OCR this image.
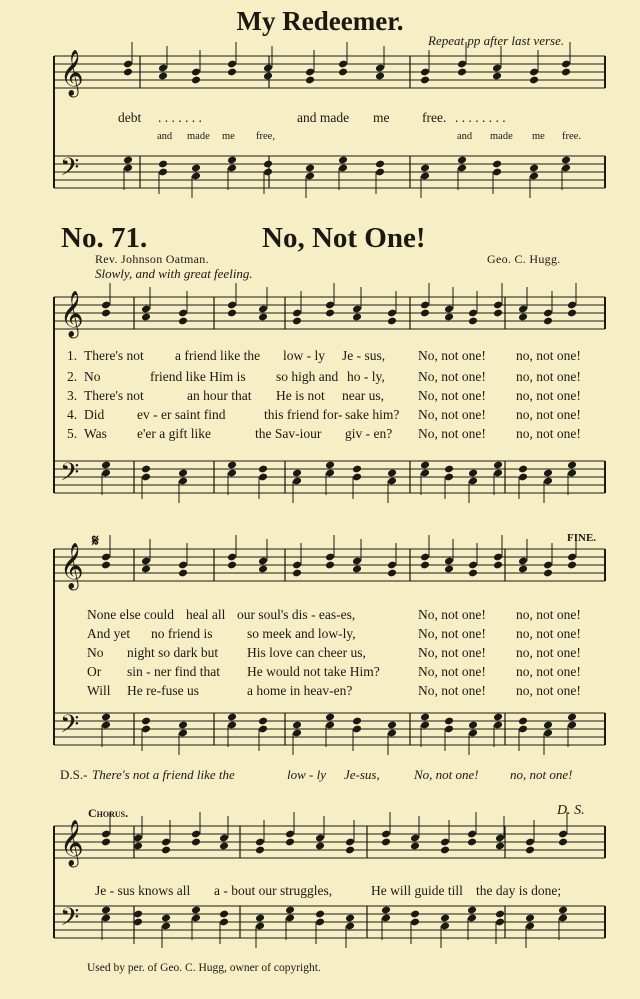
My Redeemer.
Repeat pp after last verse.
debt . . . . . . .	and made me free. . . . . . . . .
and made me free,	and made me free.
No. 71.	No, Not One!
Rev. Johnson Oatman.	Geo. C. Hugg.
Slowly, and with great feeling.
1. There's not a friend like the low - ly Je - sus, No, not one! no, not one!
2. No	friend like Him is so high and ho - ly, No, not one! no, not one!
3. There's not	an hour that He is not near us,	No, not one! no, not one!
4. Did ev - er saint find	this friend for- sake him? No, not one! no, not one!
5. Was e'er a gift like	the Sav-iour giv - en? No, not one! no, not one!
𝄋	FINE.
None else could heal all our soul's dis - eas-es,	No, not one! no, not one!
And yet no friend is	so meek and low-ly,	No, not one! no, not one!
No night so dark but His love can cheer us,	No, not one! no, not one!
Or sin - ner find that He would not take Him?	No, not one! no, not one!
Will He re-fuse us	a home in heav-en?	No, not one! no, not one!
D.S.- There's not a friend like the	low - ly Je-sus,	No, not one! no, not one!
Chorus.	D. S.
Je - sus knows all a - bout our struggles,	He will guide till the day is done;
Used by per. of Geo. C. Hugg, owner of copyright.
𝄞
𝄢
𝄞
𝄢
𝄞
𝄢
𝄞
𝄢
